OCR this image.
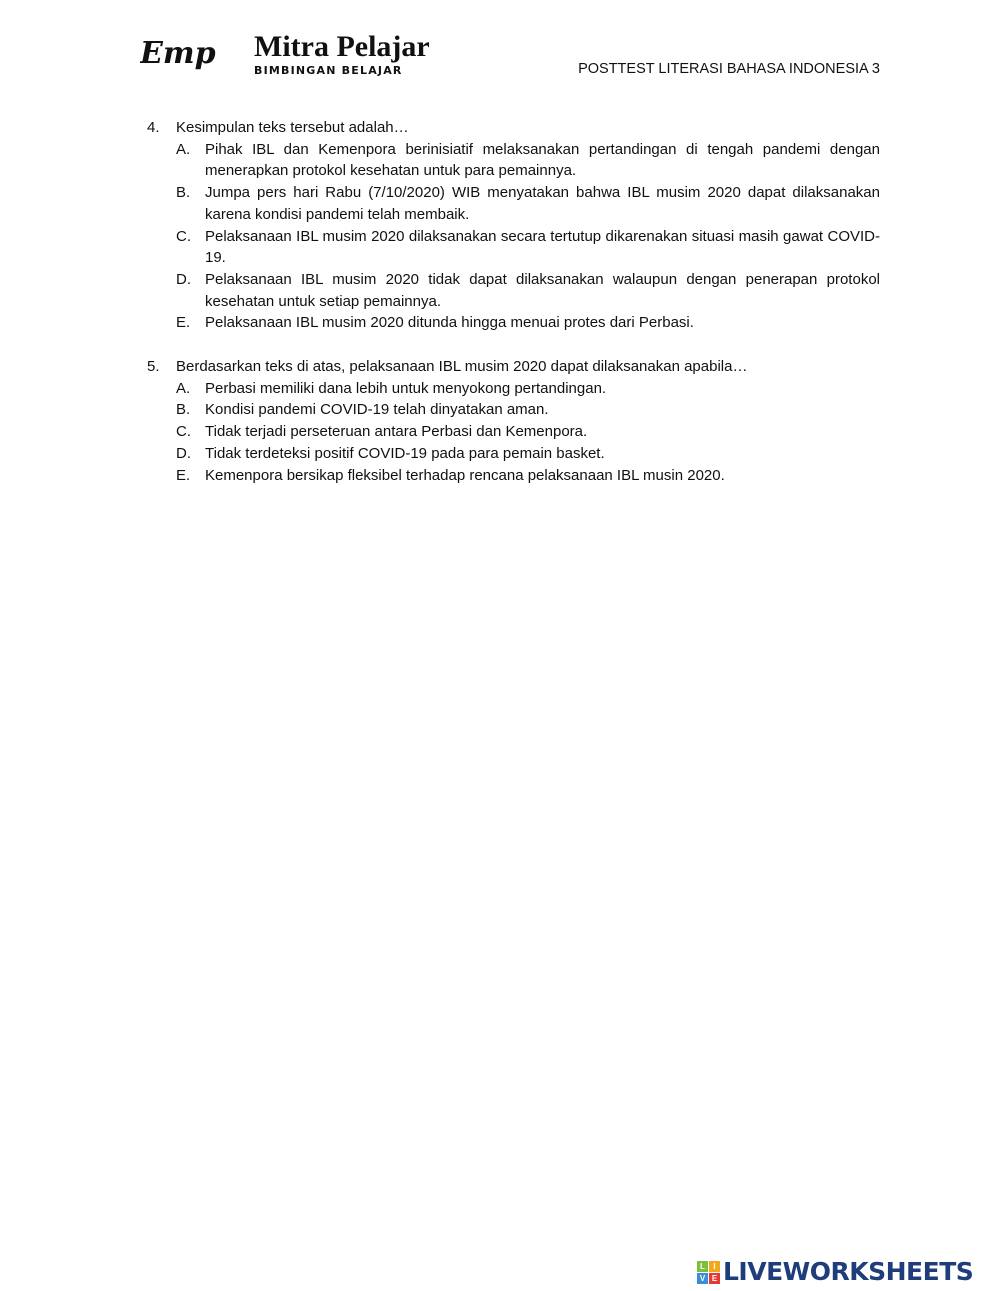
Emp	Mitra Pelajar
BIMBINGAN BELAJAR	POSTTEST LITERASI BAHASA INDONESIA 3
4.	Kesimpulan teks tersebut adalah…
A. Pihak IBL dan Kemenpora berinisiatif melaksanakan pertandingan di tengah pandemi dengan menerapkan protokol kesehatan untuk para pemainnya.
B. Jumpa pers hari Rabu (7/10/2020) WIB menyatakan bahwa IBL musim 2020 dapat dilaksanakan karena kondisi pandemi telah membaik.
C. Pelaksanaan IBL musim 2020 dilaksanakan secara tertutup dikarenakan situasi masih gawat COVID-19.
D. Pelaksanaan IBL musim 2020 tidak dapat dilaksanakan walaupun dengan penerapan protokol kesehatan untuk setiap pemainnya.
E. Pelaksanaan IBL musim 2020 ditunda hingga menuai protes dari Perbasi.
5.	Berdasarkan teks di atas, pelaksanaan IBL musim 2020 dapat dilaksanakan apabila…
A. Perbasi memiliki dana lebih untuk menyokong pertandingan.
B. Kondisi pandemi COVID-19 telah dinyatakan aman.
C. Tidak terjadi perseteruan antara Perbasi dan Kemenpora.
D. Tidak terdeteksi positif COVID-19 pada para pemain basket.
E. Kemenpora bersikap fleksibel terhadap rencana pelaksanaan IBL musin 2020.
L	I
V E LIVEWORKSHEETS
